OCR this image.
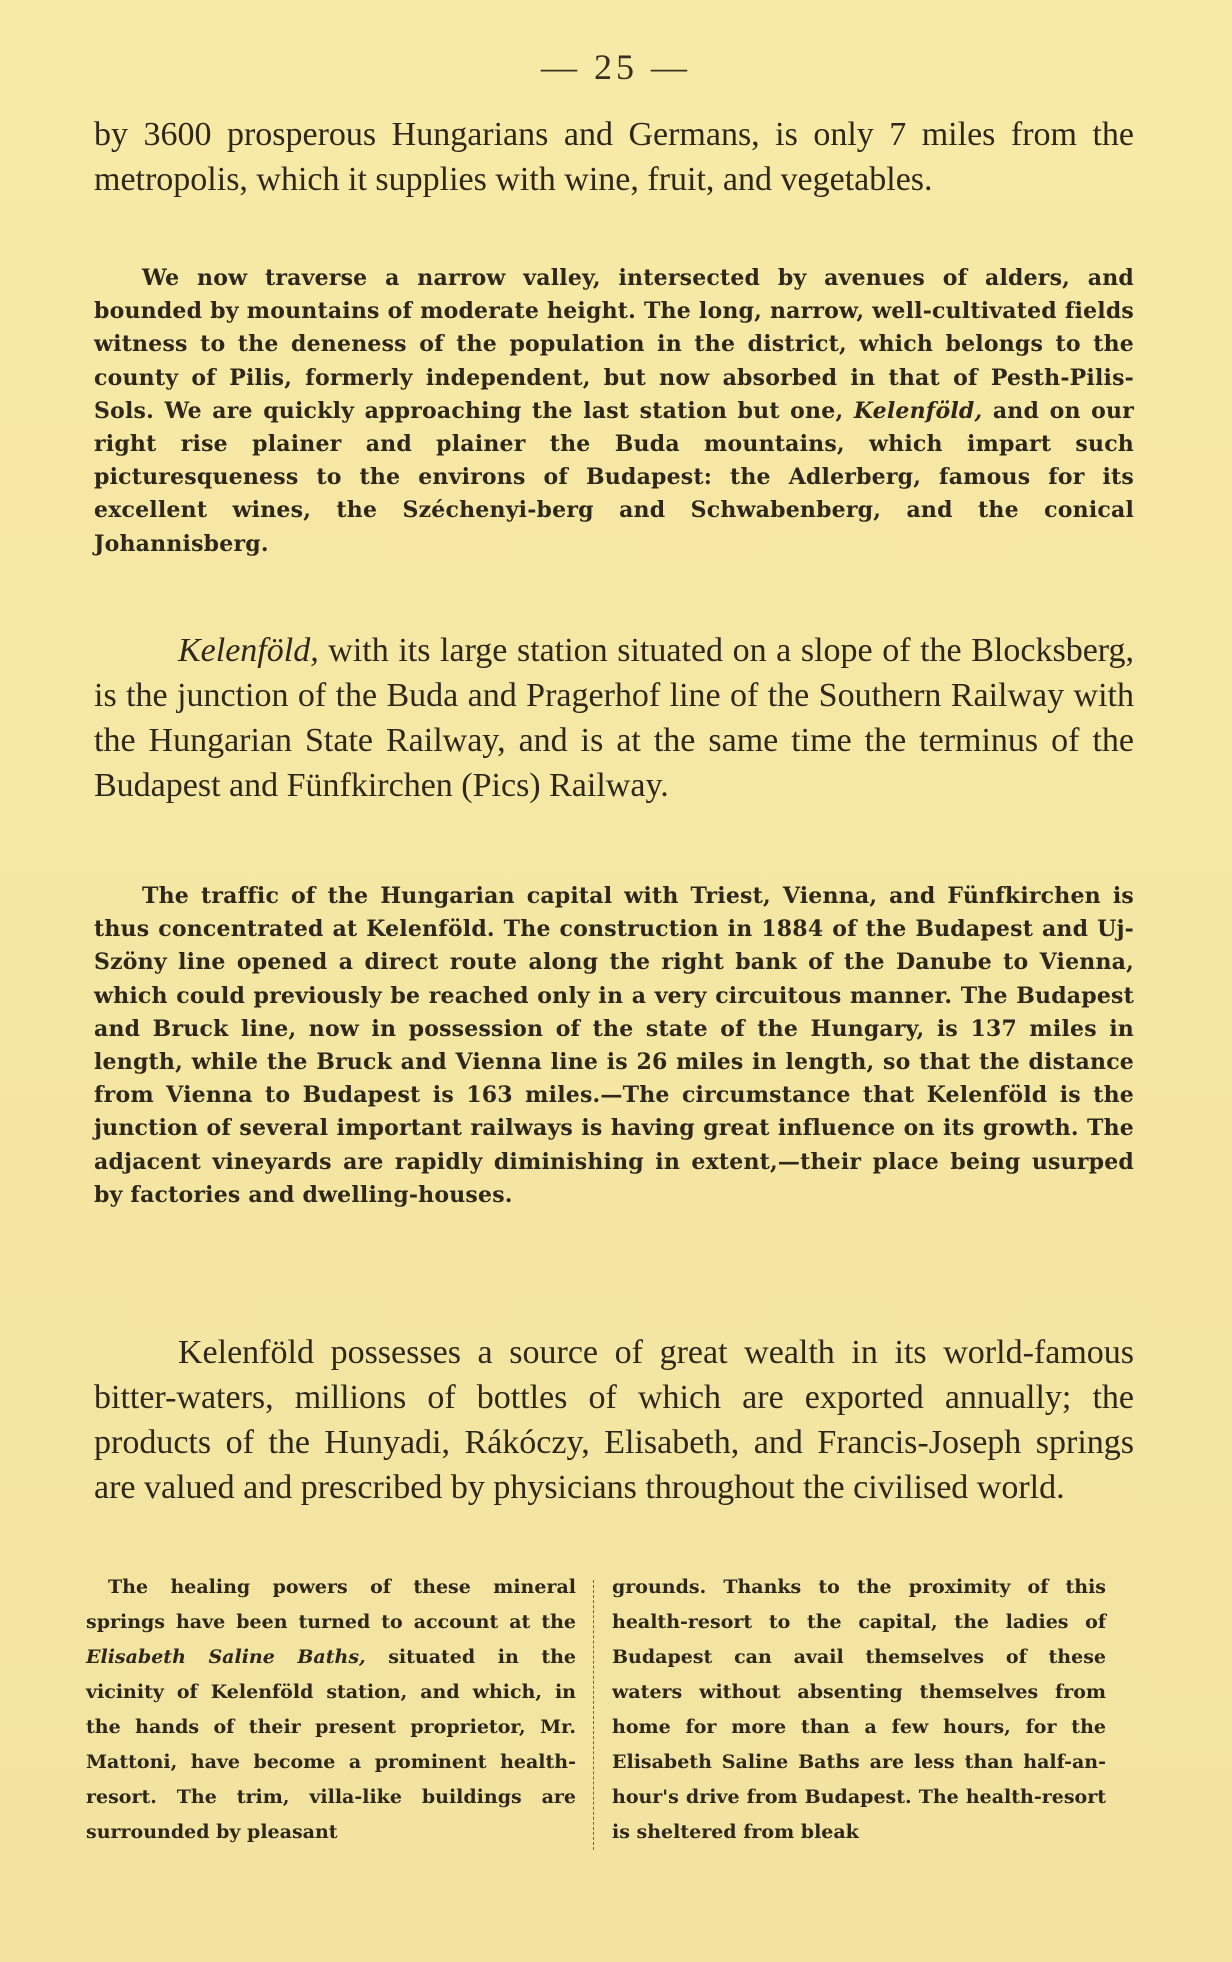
— 25 —

by 3600 prosperous Hungarians and Germans, is only 7 miles from the metropolis, which it supplies with wine, fruit, and vegetables.

We now traverse a narrow valley, intersected by avenues of alders, and bounded by mountains of moderate height. The long, narrow, well-cultivated fields witness to the deneness of the population in the district, which belongs to the county of Pilis, formerly independent, but now absorbed in that of Pesth-Pilis-Sols. We are quickly approaching the last station but one, Kelenföld, and on our right rise plainer and plainer the Buda mountains, which impart such picturesqueness to the environs of Budapest: the Adlerberg, famous for its excellent wines, the Széchenyi-berg and Schwabenberg, and the conical Johannisberg.

Kelenföld, with its large station situated on a slope of the Blocksberg, is the junction of the Buda and Pragerhof line of the Southern Railway with the Hungarian State Railway, and is at the same time the terminus of the Budapest and Fünfkirchen (Pics) Railway.

The traffic of the Hungarian capital with Triest, Vienna, and Fünfkirchen is thus concentrated at Kelenföld. The construction in 1884 of the Budapest and Uj-Szöny line opened a direct route along the right bank of the Danube to Vienna, which could previously be reached only in a very circuitous manner. The Budapest and Bruck line, now in possession of the state of the Hungary, is 137 miles in length, while the Bruck and Vienna line is 26 miles in length, so that the distance from Vienna to Budapest is 163 miles.—The circumstance that Kelenföld is the junction of several important railways is having great influence on its growth. The adjacent vineyards are rapidly diminishing in extent,—their place being usurped by factories and dwelling-houses.

Kelenföld possesses a source of great wealth in its world-famous bitter-waters, millions of bottles of which are exported annually; the products of the Hunyadi, Rákóczy, Elisabeth, and Francis-Joseph springs are valued and prescribed by physicians throughout the civilised world.

The healing powers of these mineral springs have been turned to account at the Elisabeth Saline Baths, situated in the vicinity of Kelenföld station, and which, in the hands of their present proprietor, Mr. Mattoni, have become a prominent health-resort. The trim, villa-like buildings are surrounded by pleasant
grounds. Thanks to the proximity of this health-resort to the capital, the ladies of Budapest can avail themselves of these waters without absenting themselves from home for more than a few hours, for the Elisabeth Saline Baths are less than half-an-hour's drive from Budapest. The health-resort is sheltered from bleak
